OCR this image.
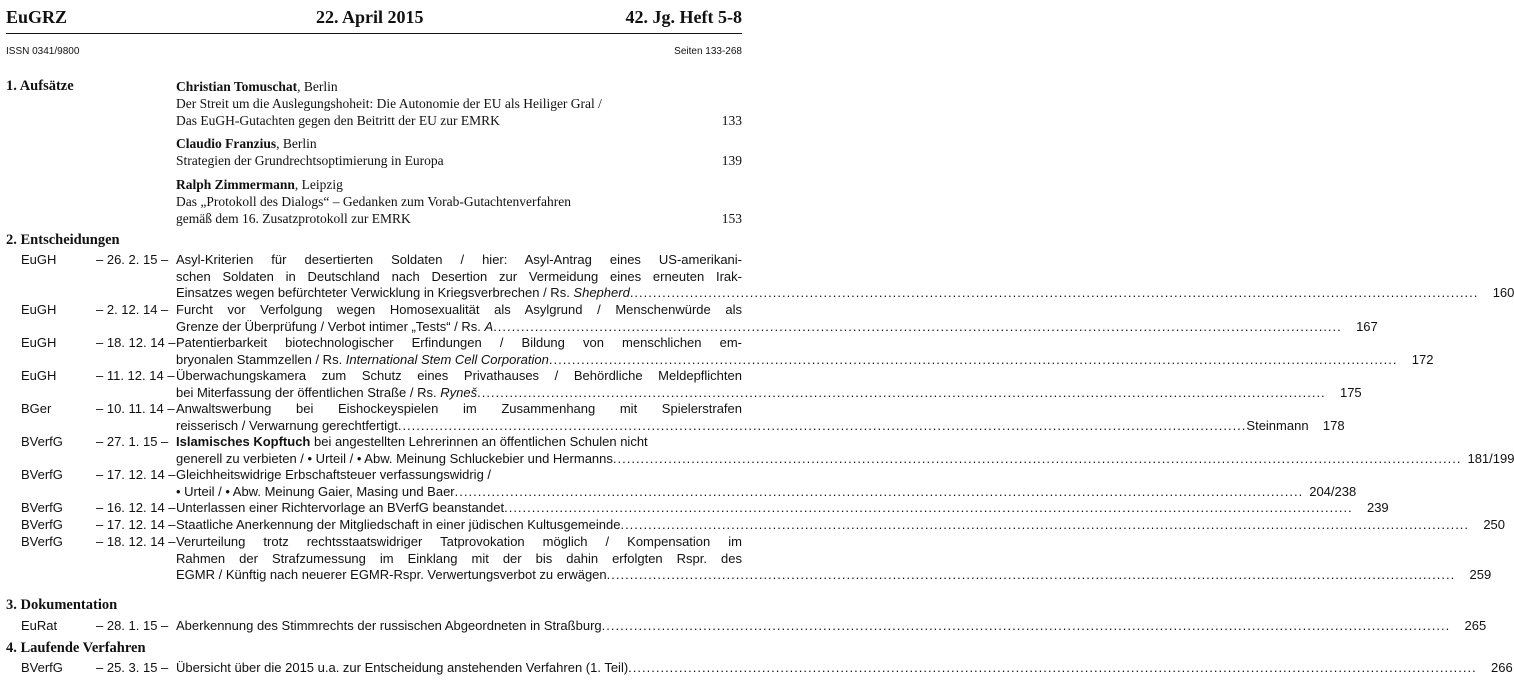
EuGRZ	22. April 2015	42. Jg. Heft 5-8
ISSN 0341/9800	Seiten 133-268
1. Aufsätze	Christian Tomuschat, Berlin
Der Streit um die Auslegungshoheit: Die Autonomie der EU als Heiliger Gral /
Das EuGH-Gutachten gegen den Beitritt der EU zur EMRK	133
Claudio Franzius, Berlin
Strategien der Grundrechtsoptimierung in Europa	139
Ralph Zimmermann, Leipzig
Das „Protokoll des Dialogs“ – Gedanken zum Vorab-Gutachtenverfahren
gemäß dem 16. Zusatzprotokoll zur EMRK	153
2. Entscheidungen
EuGH	– 26. 2. 15 – Asyl-Kriterien für desertierten Soldaten / hier: Asyl-Antrag eines US-amerikani-
schen Soldaten in Deutschland nach Desertion zur Vermeidung eines erneuten Irak-
Einsatzes wegen befürchteter Verwicklung in Kriegsverbrechen / Rs. Shepherd .....	160
EuGH	– 2. 12. 14 – Furcht vor Verfolgung wegen Homosexualität als Asylgrund / Menschenwürde als
Grenze der Überprüfung / Verbot intimer „Tests“ / Rs. A .....	167
EuGH	– 18. 12. 14 – Patentierbarkeit biotechnologischer Erfindungen / Bildung von menschlichen em-
bryonalen Stammzellen / Rs. International Stem Cell Corporation .....	172
EuGH	– 11. 12. 14 – Überwachungskamera zum Schutz eines Privathauses / Behördliche Meldepflichten
bei Miterfassung der öffentlichen Straße / Rs. Ryneš .....	175
BGer	– 10. 11. 14 – Anwaltswerbung bei Eishockeyspielen im Zusammenhang mit Spielerstrafen
reisserisch / Verwarnung gerechtfertigt .....	Steinmann	178
BVerfG	– 27. 1. 15 – Islamisches Kopftuch bei angestellten Lehrerinnen an öffentlichen Schulen nicht
generell zu verbieten / • Urteil / • Abw. Meinung Schluckebier und Hermanns .....	181/199
BVerfG	– 17. 12. 14 – Gleichheitswidrige Erbschaftsteuer verfassungswidrig /
• Urteil / • Abw. Meinung Gaier, Masing und Baer .....	204/238
BVerfG	– 16. 12. 14 – Unterlassen einer Richtervorlage an BVerfG beanstandet .....	239
BVerfG	– 17. 12. 14 – Staatliche Anerkennung der Mitgliedschaft in einer jüdischen Kultusgemeinde .....	250
BVerfG	– 18. 12. 14 – Verurteilung trotz rechtsstaatswidriger Tatprovokation möglich / Kompensation im
Rahmen der Strafzumessung im Einklang mit der bis dahin erfolgten Rspr. des
EGMR / Künftig nach neuerer EGMR-Rspr. Verwertungsverbot zu erwägen .....	259
3. Dokumentation
EuRat	– 28. 1. 15 – Aberkennung des Stimmrechts der russischen Abgeordneten in Straßburg .....	265
4. Laufende Verfahren
BVerfG	– 25. 3. 15 – Übersicht über die 2015 u.a. zur Entscheidung anstehenden Verfahren (1. Teil) .....	266
